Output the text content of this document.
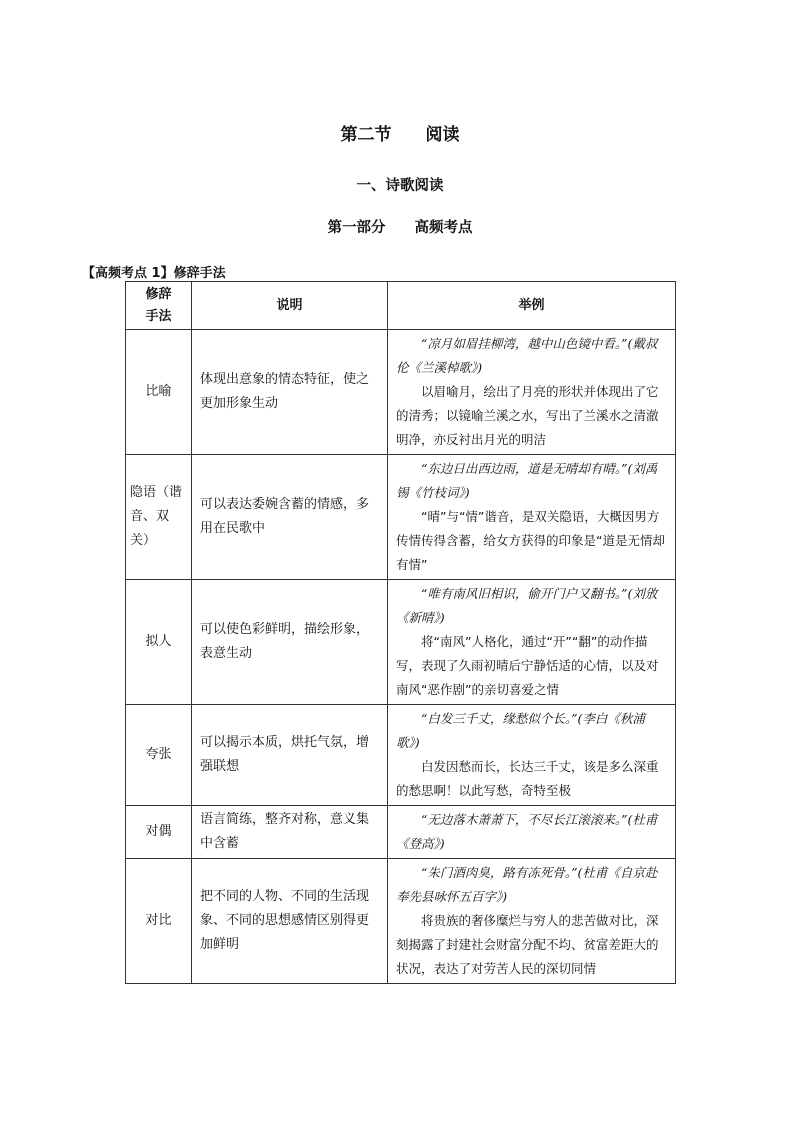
第二节　　阅读
一、诗歌阅读
第一部分　　高频考点
【高频考点 1】修辞手法
修辞
手法	说明	举例
比喻	体现出意象的情态特征，使之更加形象生动	“凉月如眉挂柳湾，越中山色镜中看。”(戴叔伦《兰溪棹歌》)

以眉喻月，绘出了月亮的形状并体现出了它的清秀；以镜喻兰溪之水，写出了兰溪水之清澈明净，亦反衬出月光的明洁

隐语（谐音、双关）	可以表达委婉含蓄的情感，多用在民歌中	“东边日出西边雨，道是无晴却有晴。”(刘禹锡《竹枝词》)

“晴”与“情”谐音，是双关隐语，大概因男方传情传得含蓄，给女方获得的印象是“道是无情却有情”

拟人	可以使色彩鲜明，描绘形象，表意生动	“唯有南风旧相识，偷开门户又翻书。”(刘攽《新晴》)

将“南风”人格化，通过“开”“翻”的动作描写，表现了久雨初晴后宁静恬适的心情，以及对南风“恶作剧”的亲切喜爱之情

夸张	可以揭示本质，烘托气氛，增强联想	“白发三千丈，缘愁似个长。”(李白《秋浦歌》)

白发因愁而长，长达三千丈，该是多么深重的愁思啊！以此写愁，奇特至极

对偶	语言简练，整齐对称，意义集中含蓄	“无边落木萧萧下，不尽长江滚滚来。”(杜甫《登高》)

对比	把不同的人物、不同的生活现象、不同的思想感情区别得更加鲜明	“朱门酒肉臭，路有冻死骨。”(杜甫《自京赴奉先县咏怀五百字》)

将贵族的奢侈糜烂与穷人的悲苦做对比，深刻揭露了封建社会财富分配不均、贫富差距大的状况，表达了对劳苦人民的深切同情
